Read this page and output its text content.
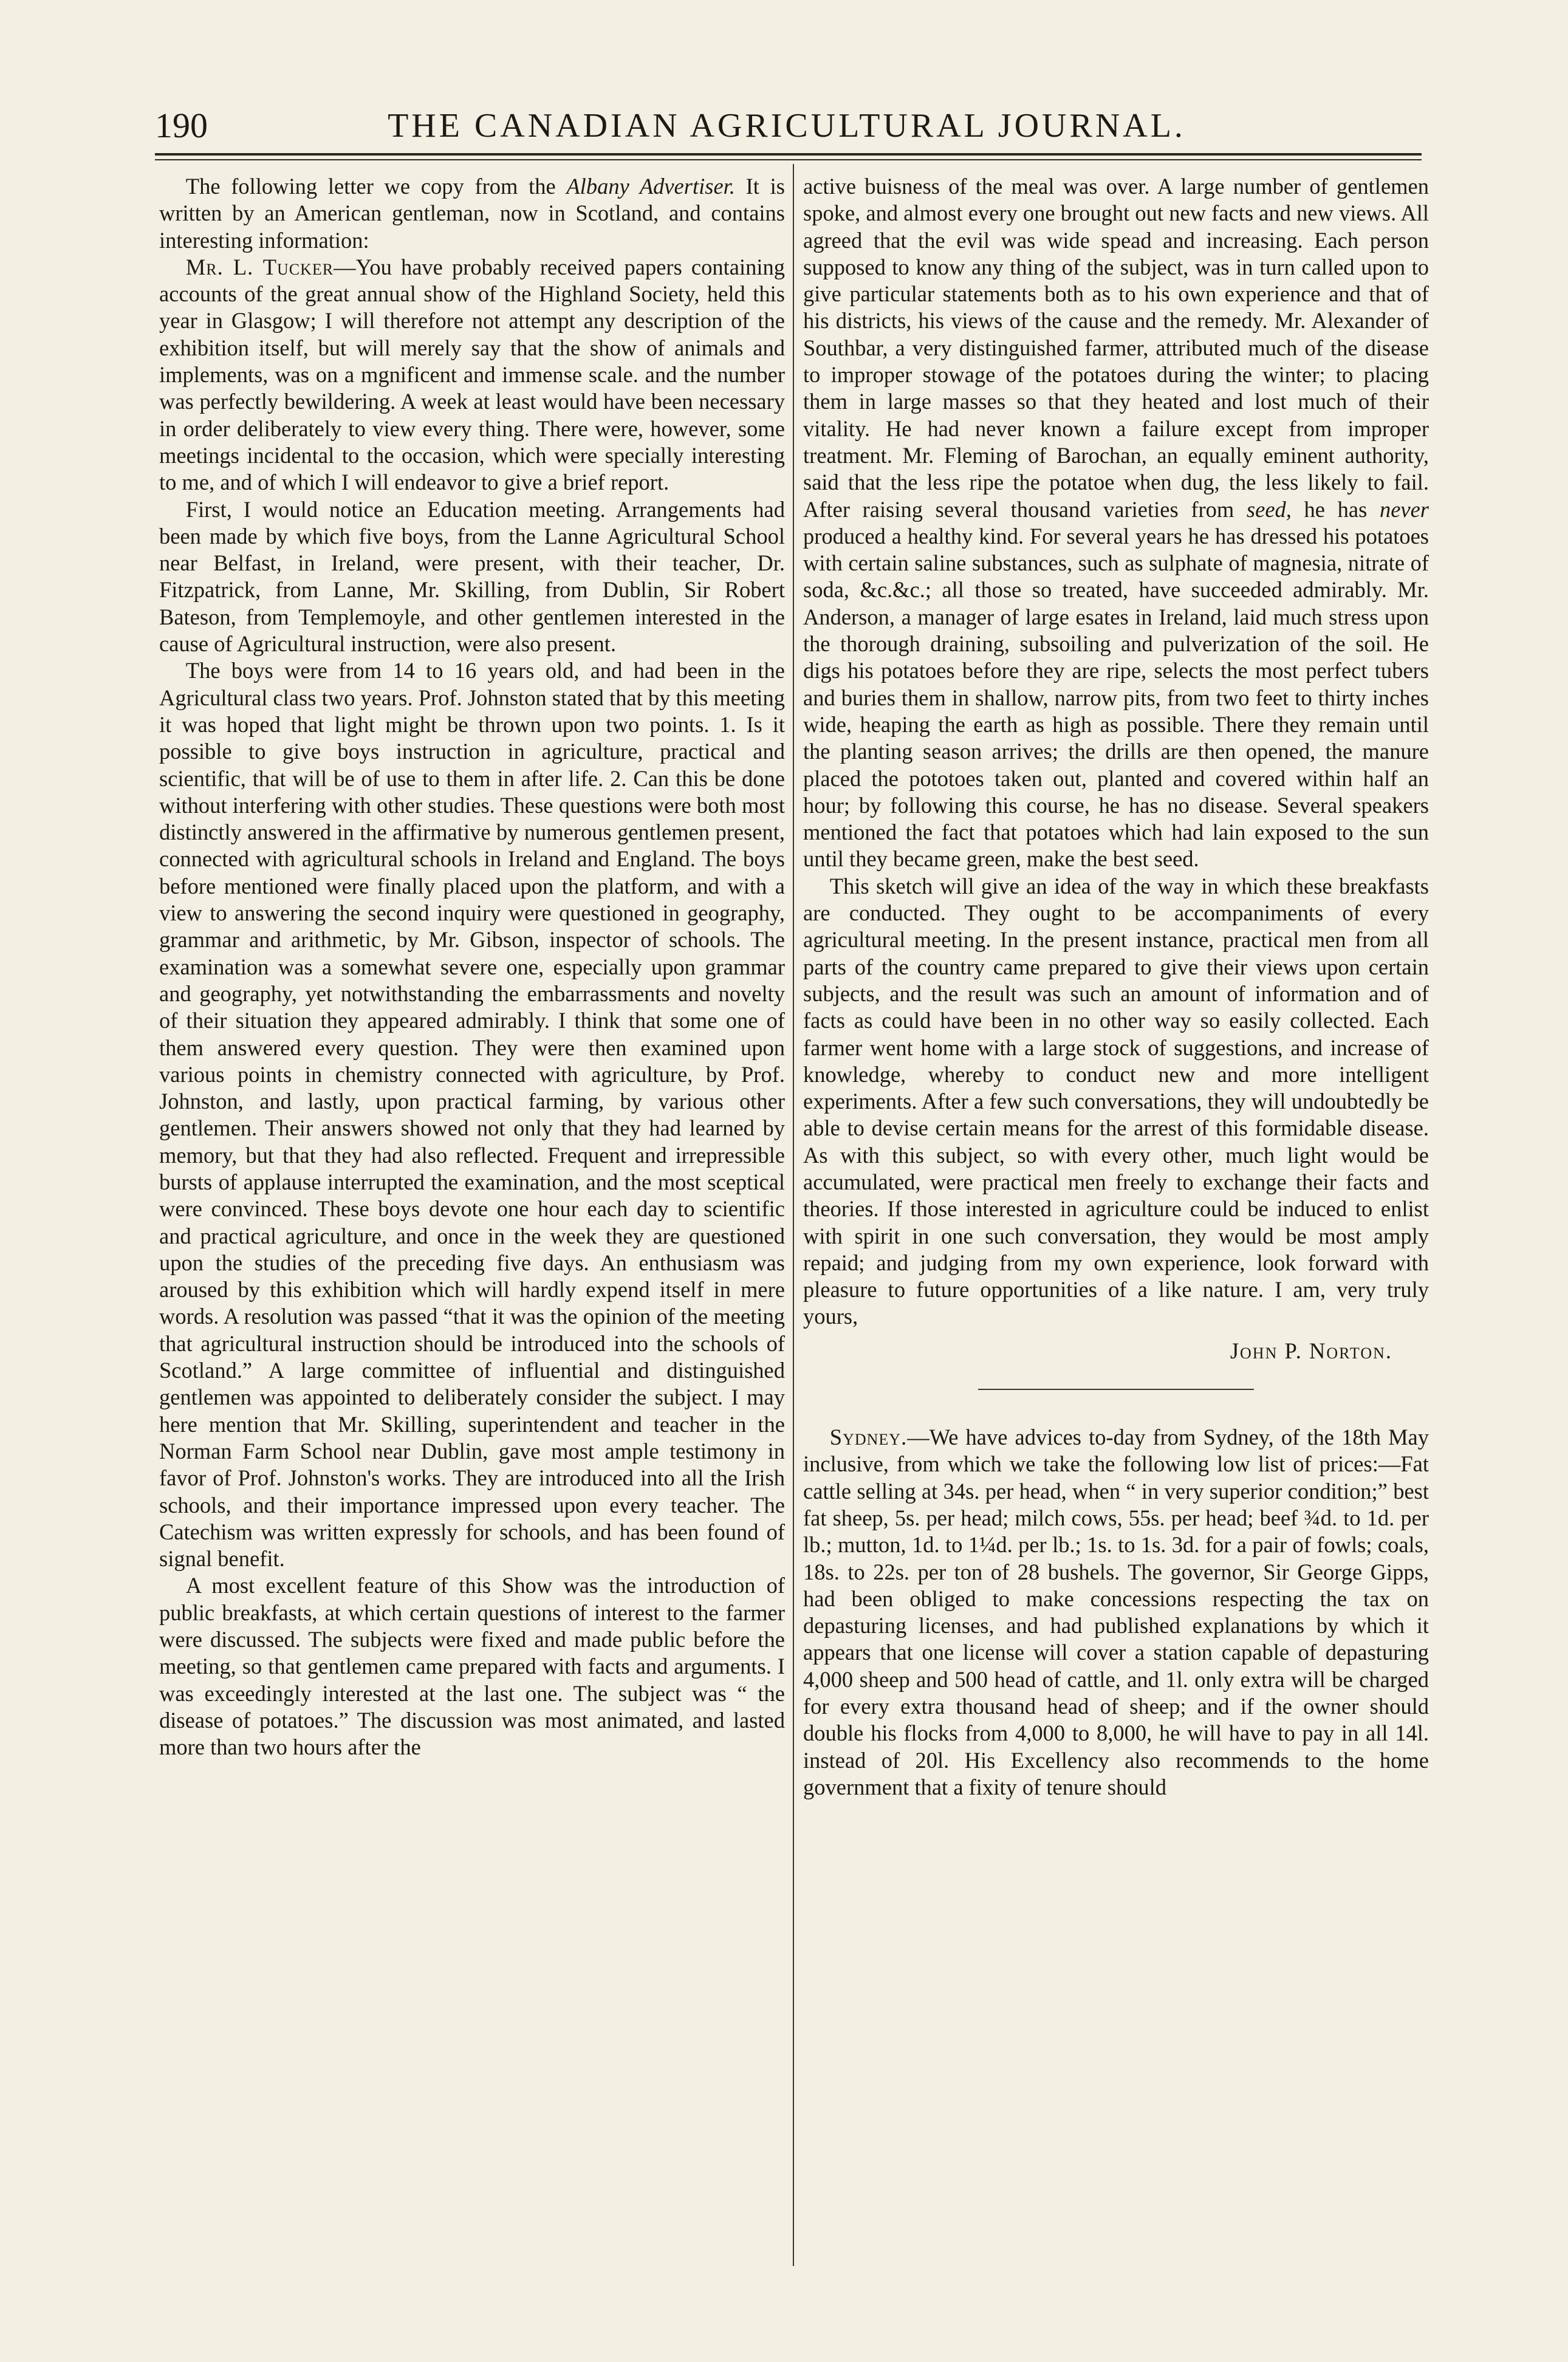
190	THE CANADIAN AGRICULTURAL JOURNAL.

The following letter we copy from the Albany Advertiser. It is written by an American gentleman, now in Scotland, and contains interesting information:

Mr. L. Tucker—You have probably received papers containing accounts of the great annual show of the Highland Society, held this year in Glasgow; I will therefore not attempt any description of the exhibition itself, but will merely say that the show of animals and implements, was on a mgnificent and immense scale. and the number was perfectly bewildering. A week at least would have been necessary in order deliberately to view every thing. There were, however, some meetings incidental to the occasion, which were specially interesting to me, and of which I will endeavor to give a brief report.

First, I would notice an Education meeting. Arrangements had been made by which five boys, from the Lanne Agricultural School near Belfast, in Ireland, were present, with their teacher, Dr. Fitzpatrick, from Lanne, Mr. Skilling, from Dublin, Sir Robert Bateson, from Templemoyle, and other gentlemen interested in the cause of Agricultural instruction, were also present.

The boys were from 14 to 16 years old, and had been in the Agricultural class two years. Prof. Johnston stated that by this meeting it was hoped that light might be thrown upon two points. 1. Is it possible to give boys instruction in agriculture, practical and scientific, that will be of use to them in after life. 2. Can this be done without interfering with other studies. These questions were both most distinctly answered in the affirmative by numerous gentlemen present, connected with agricultural schools in Ireland and England. The boys before mentioned were finally placed upon the platform, and with a view to answering the second inquiry were questioned in geography, grammar and arithmetic, by Mr. Gibson, inspector of schools. The examination was a somewhat severe one, especially upon grammar and geography, yet notwithstanding the embarrassments and novelty of their situation they appeared admirably. I think that some one of them answered every question. They were then examined upon various points in chemistry connected with agriculture, by Prof. Johnston, and lastly, upon practical farming, by various other gentlemen. Their answers showed not only that they had learned by memory, but that they had also reflected. Frequent and irrepressible bursts of applause interrupted the examination, and the most sceptical were convinced. These boys devote one hour each day to scientific and practical agriculture, and once in the week they are questioned upon the studies of the preceding five days. An enthusiasm was aroused by this exhibition which will hardly expend itself in mere words. A resolution was passed “that it was the opinion of the meeting that agricultural instruction should be introduced into the schools of Scotland.” A large committee of influential and distinguished gentlemen was appointed to deliberately consider the subject. I may here mention that Mr. Skilling, superintendent and teacher in the Norman Farm School near Dublin, gave most ample testimony in favor of Prof. Johnston's works. They are introduced into all the Irish schools, and their importance impressed upon every teacher. The Catechism was written expressly for schools, and has been found of signal benefit.

A most excellent feature of this Show was the introduction of public breakfasts, at which certain questions of interest to the farmer were discussed. The subjects were fixed and made public before the meeting, so that gentlemen came prepared with facts and arguments. I was exceedingly interested at the last one. The subject was “ the disease of potatoes.” The discussion was most animated, and lasted more than two hours after the

active buisness of the meal was over. A large number of gentlemen spoke, and almost every one brought out new facts and new views. All agreed that the evil was wide spead and increasing. Each person supposed to know any thing of the subject, was in turn called upon to give particular statements both as to his own experience and that of his districts, his views of the cause and the remedy. Mr. Alexander of Southbar, a very distinguished farmer, attributed much of the disease to improper stowage of the potatoes during the winter; to placing them in large masses so that they heated and lost much of their vitality. He had never known a failure except from improper treatment. Mr. Fleming of Barochan, an equally eminent authority, said that the less ripe the potatoe when dug, the less likely to fail. After raising several thousand varieties from seed, he has never produced a healthy kind. For several years he has dressed his potatoes with certain saline substances, such as sulphate of magnesia, nitrate of soda, &c.&c.; all those so treated, have succeeded admirably. Mr. Anderson, a manager of large esates in Ireland, laid much stress upon the thorough draining, subsoiling and pulverization of the soil. He digs his potatoes before they are ripe, selects the most perfect tubers and buries them in shallow, narrow pits, from two feet to thirty inches wide, heaping the earth as high as possible. There they remain until the planting season arrives; the drills are then opened, the manure placed the pototoes taken out, planted and covered within half an hour; by following this course, he has no disease. Several speakers mentioned the fact that potatoes which had lain exposed to the sun until they became green, make the best seed.

This sketch will give an idea of the way in which these breakfasts are conducted. They ought to be accompaniments of every agricultural meeting. In the present instance, practical men from all parts of the country came prepared to give their views upon certain subjects, and the result was such an amount of information and of facts as could have been in no other way so easily collected. Each farmer went home with a large stock of suggestions, and increase of knowledge, whereby to conduct new and more intelligent experiments. After a few such conversations, they will undoubtedly be able to devise certain means for the arrest of this formidable disease. As with this subject, so with every other, much light would be accumulated, were practical men freely to exchange their facts and theories. If those interested in agriculture could be induced to enlist with spirit in one such conversation, they would be most amply repaid; and judging from my own experience, look forward with pleasure to future opportunities of a like nature. I am, very truly yours,

John P. Norton.

Sydney.—We have advices to-day from Sydney, of the 18th May inclusive, from which we take the following low list of prices:—Fat cattle selling at 34s. per head, when “ in very superior condition;” best fat sheep, 5s. per head; milch cows, 55s. per head; beef ¾d. to 1d. per lb.; mutton, 1d. to 1¼d. per lb.; 1s. to 1s. 3d. for a pair of fowls; coals, 18s. to 22s. per ton of 28 bushels. The governor, Sir George Gipps, had been obliged to make concessions respecting the tax on depasturing licenses, and had published explanations by which it appears that one license will cover a station capable of depasturing 4,000 sheep and 500 head of cattle, and 1l. only extra will be charged for every extra thousand head of sheep; and if the owner should double his flocks from 4,000 to 8,000, he will have to pay in all 14l. instead of 20l. His Excellency also recommends to the home government that a fixity of tenure should
